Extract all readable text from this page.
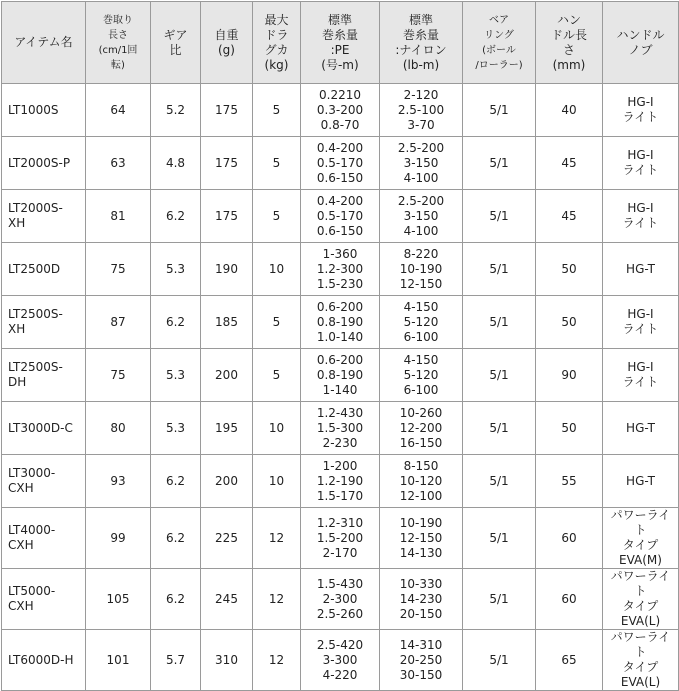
アイテム名	巻取り
長さ
(cm/1回
転)	ギア
比	自重
(g)	最大
ドラ
グカ
(kg)	標準
巻糸量
:PE
(号-m)	標準
巻糸量
:ナイロン
(lb-m)	ベア
リング
(ボール
/ローラー)	ハン
ドル長
さ
(mm)	ハンドル
ノブ
LT1000S	64	5.2	175	5	0.2210
0.3-200
0.8-70	2-120
2.5-100
3-70	5/1	40	HG-I
ライト
LT2000S-P	63	4.8	175	5	0.4-200
0.5-170
0.6-150	2.5-200
3-150
4-100	5/1	45	HG-I
ライト
LT2000S-
XH	81	6.2	175	5	0.4-200
0.5-170
0.6-150	2.5-200
3-150
4-100	5/1	45	HG-I
ライト
LT2500D	75	5.3	190	10	1-360
1.2-300
1.5-230	8-220
10-190
12-150	5/1	50	HG-T
LT2500S-
XH	87	6.2	185	5	0.6-200
0.8-190
1.0-140	4-150
5-120
6-100	5/1	50	HG-I
ライト
LT2500S-
DH	75	5.3	200	5	0.6-200
0.8-190
1-140	4-150
5-120
6-100	5/1	90	HG-I
ライト
LT3000D-C	80	5.3	195	10	1.2-430
1.5-300
2-230	10-260
12-200
16-150	5/1	50	HG-T
LT3000-
CXH	93	6.2	200	10	1-200
1.2-190
1.5-170	8-150
10-120
12-100	5/1	55	HG-T
LT4000-
CXH	99	6.2	225	12	1.2-310
1.5-200
2-170	10-190
12-150
14-130	5/1	60	パワーライト
タイプ
EVA(M)
LT5000-
CXH	105	6.2	245	12	1.5-430
2-300
2.5-260	10-330
14-230
20-150	5/1	60	パワーライト
タイプ
EVA(L)
LT6000D-H	101	5.7	310	12	2.5-420
3-300
4-220	14-310
20-250
30-150	5/1	65	パワーライト
タイプ
EVA(L)
